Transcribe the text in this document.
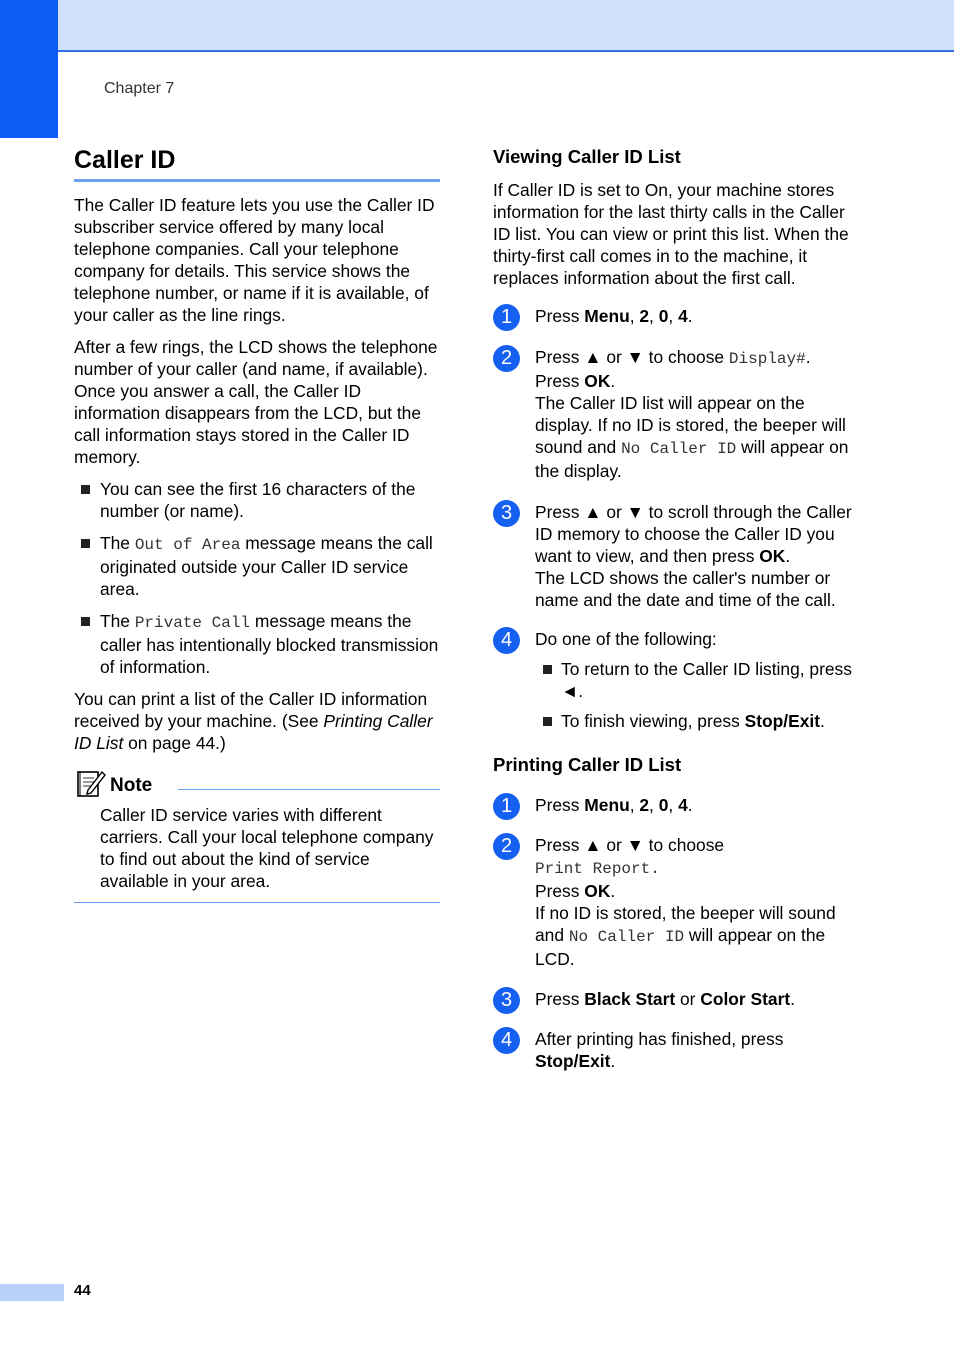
Chapter 7
Caller ID

The Caller ID feature lets you use the Caller ID subscriber service offered by many local telephone companies. Call your telephone company for details. This service shows the telephone number, or name if it is available, of your caller as the line rings.

After a few rings, the LCD shows the telephone number of your caller (and name, if available). Once you answer a call, the Caller ID information disappears from the LCD, but the call information stays stored in the Caller ID memory.

You can see the first 16 characters of the number (or name).
The Out of Area message means the call originated outside your Caller ID service area.
The Private Call message means the caller has intentionally blocked transmission of information.

You can print a list of the Caller ID information received by your machine. (See Printing Caller ID List on page 44.)

Note

Caller ID service varies with different carriers. Call your local telephone company to find out about the kind of service available in your area.

Viewing Caller ID List

If Caller ID is set to On, your machine stores information for the last thirty calls in the Caller ID list. You can view or print this list. When the thirty-first call comes in to the machine, it replaces information about the first call.

1	Press Menu, 2, 0, 4.
2	Press ▲ or ▼ to choose Display#.
Press OK.
The Caller ID list will appear on the display. If no ID is stored, the beeper will sound and No Caller ID will appear on the display.
3	Press ▲ or ▼ to scroll through the Caller ID memory to choose the Caller ID you want to view, and then press OK.
The LCD shows the caller's number or name and the date and time of the call.
4	Do one of the following:
To return to the Caller ID listing, press ◄.
To finish viewing, press Stop/Exit.
Printing Caller ID List
1	Press Menu, 2, 0, 4.
2	Press ▲ or ▼ to choose
Print Report.
Press OK.
If no ID is stored, the beeper will sound and No Caller ID will appear on the LCD.
3	Press Black Start or Color Start.
4	After printing has finished, press
Stop/Exit.
44
